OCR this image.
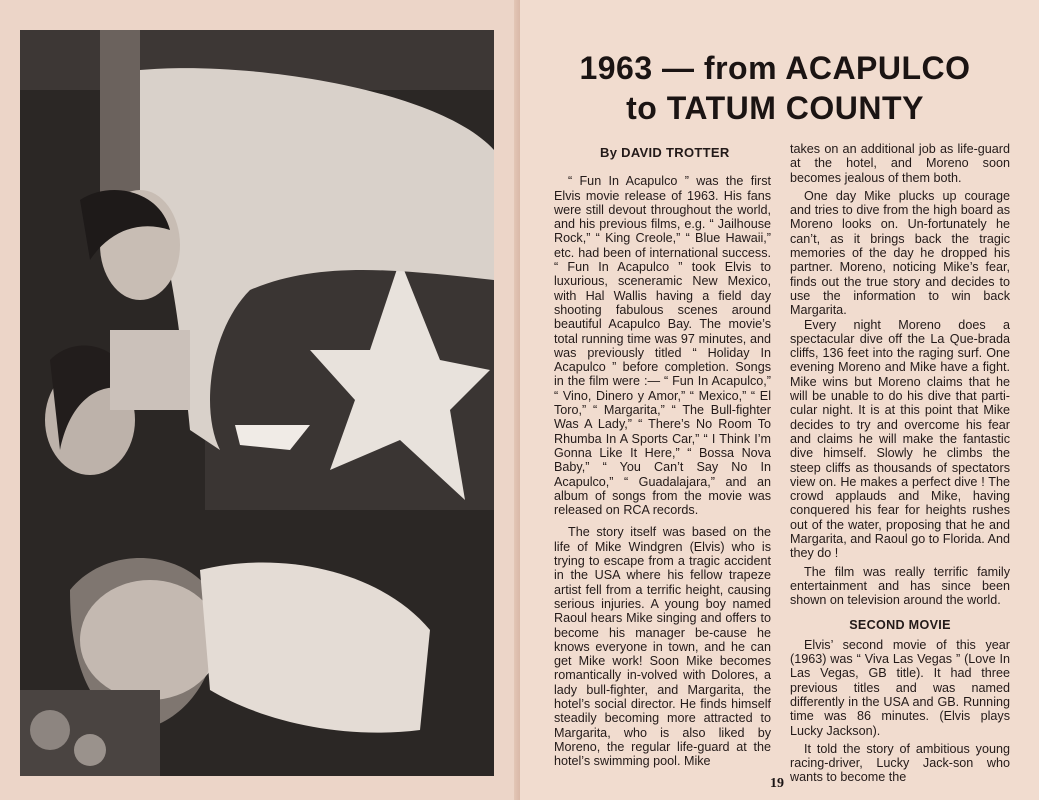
1963 — from ACAPULCO
to TATUM COUNTY
By DAVID TROTTER

“ Fun In Acapulco ” was the first Elvis movie release of 1963. His fans were still devout throughout the world, and his previous films, e.g. “ Jailhouse Rock,” “ King Creole,” “ Blue Hawaii,” etc. had been of international success. “ Fun In Acapulco ” took Elvis to luxurious, sceneramic New Mexico, with Hal Wallis having a field day shooting fabulous scenes around beautiful Acapulco Bay. The movie’s total running time was 97 minutes, and was previously titled “ Holiday In Acapulco ” before completion. Songs in the film were :— “ Fun In Acapulco,” “ Vino, Dinero y Amor,” “ Mexico,” “ El Toro,” “ Margarita,” “ The Bull-fighter Was A Lady,” “ There’s No Room To Rhumba In A Sports Car,” “ I Think I’m Gonna Like It Here,” “ Bossa Nova Baby,” “ You Can’t Say No In Acapulco,” “ Guadalajara,” and an album of songs from the movie was released on RCA records.

The story itself was based on the life of Mike Windgren (Elvis) who is trying to escape from a tragic accident in the USA where his fellow trapeze artist fell from a terrific height, causing serious injuries. A young boy named Raoul hears Mike singing and offers to become his manager be-cause he knows everyone in town, and he can get Mike work! Soon Mike becomes romantically in-volved with Dolores, a lady bull-fighter, and Margarita, the hotel’s social director. He finds himself steadily becoming more attracted to Margarita, who is also liked by Moreno, the regular life-guard at the hotel’s swimming pool. Mike

takes on an additional job as life-guard at the hotel, and Moreno soon becomes jealous of them both.

One day Mike plucks up courage and tries to dive from the high board as Moreno looks on. Un-fortunately he can’t, as it brings back the tragic memories of the day he dropped his partner. Moreno, noticing Mike’s fear, finds out the true story and decides to use the information to win back Margarita.

Every night Moreno does a spectacular dive off the La Que-brada cliffs, 136 feet into the raging surf. One evening Moreno and Mike have a fight. Mike wins but Moreno claims that he will be unable to do his dive that parti-cular night. It is at this point that Mike decides to try and overcome his fear and claims he will make the fantastic dive himself. Slowly he climbs the steep cliffs as thousands of spectators view on. He makes a perfect dive ! The crowd applauds and Mike, having conquered his fear for heights rushes out of the water, proposing that he and Margarita, and Raoul go to Florida. And they do !

The film was really terrific family entertainment and has since been shown on television around the world.

SECOND MOVIE

Elvis’ second movie of this year (1963) was “ Viva Las Vegas ” (Love In Las Vegas, GB title). It had three previous titles and was named differently in the USA and GB. Running time was 86 minutes. (Elvis plays Lucky Jackson).

It told the story of ambitious young racing-driver, Lucky Jack-son who wants to become the

19
